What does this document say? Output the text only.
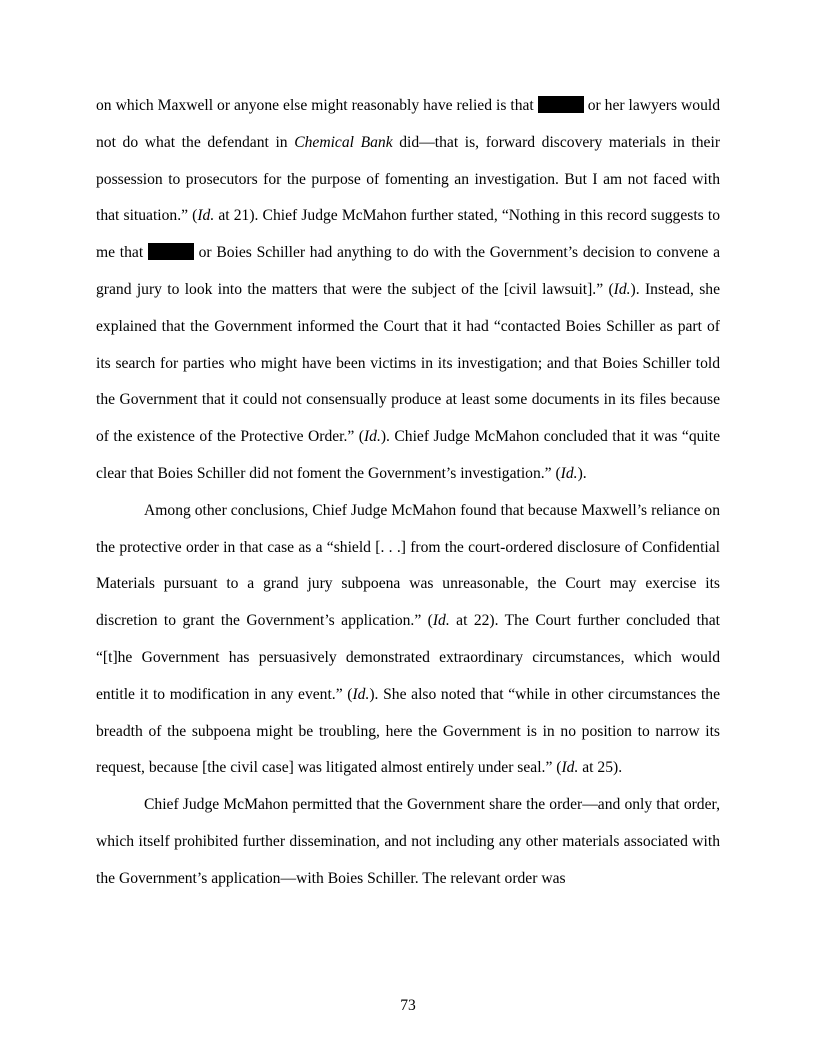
on which Maxwell or anyone else might reasonably have relied is that	or her lawyers would not do what the defendant in Chemical Bank did—that is, forward discovery materials in their possession to prosecutors for the purpose of fomenting an investigation. But I am not faced with that situation.” (Id. at 21). Chief Judge McMahon further stated, “Nothing in this record suggests to me that	or Boies Schiller had anything to do with the Government’s decision to convene a grand jury to look into the matters that were the subject of the [civil lawsuit].” (Id.). Instead, she explained that the Government informed the Court that it had “contacted Boies Schiller as part of its search for parties who might have been victims in its investigation; and that Boies Schiller told the Government that it could not consensually produce at least some documents in its files because of the existence of the Protective Order.” (Id.). Chief Judge McMahon concluded that it was “quite clear that Boies Schiller did not foment the Government’s investigation.” (Id.).

Among other conclusions, Chief Judge McMahon found that because Maxwell’s reliance on the protective order in that case as a “shield [. . .] from the court-ordered disclosure of Confidential Materials pursuant to a grand jury subpoena was unreasonable, the Court may exercise its discretion to grant the Government’s application.” (Id. at 22). The Court further concluded that “[t]he Government has persuasively demonstrated extraordinary circumstances, which would entitle it to modification in any event.” (Id.). She also noted that “while in other circumstances the breadth of the subpoena might be troubling, here the Government is in no position to narrow its request, because [the civil case] was litigated almost entirely under seal.” (Id. at 25).

Chief Judge McMahon permitted that the Government share the order—and only that order, which itself prohibited further dissemination, and not including any other materials associated with the Government’s application—with Boies Schiller. The relevant order was

73
